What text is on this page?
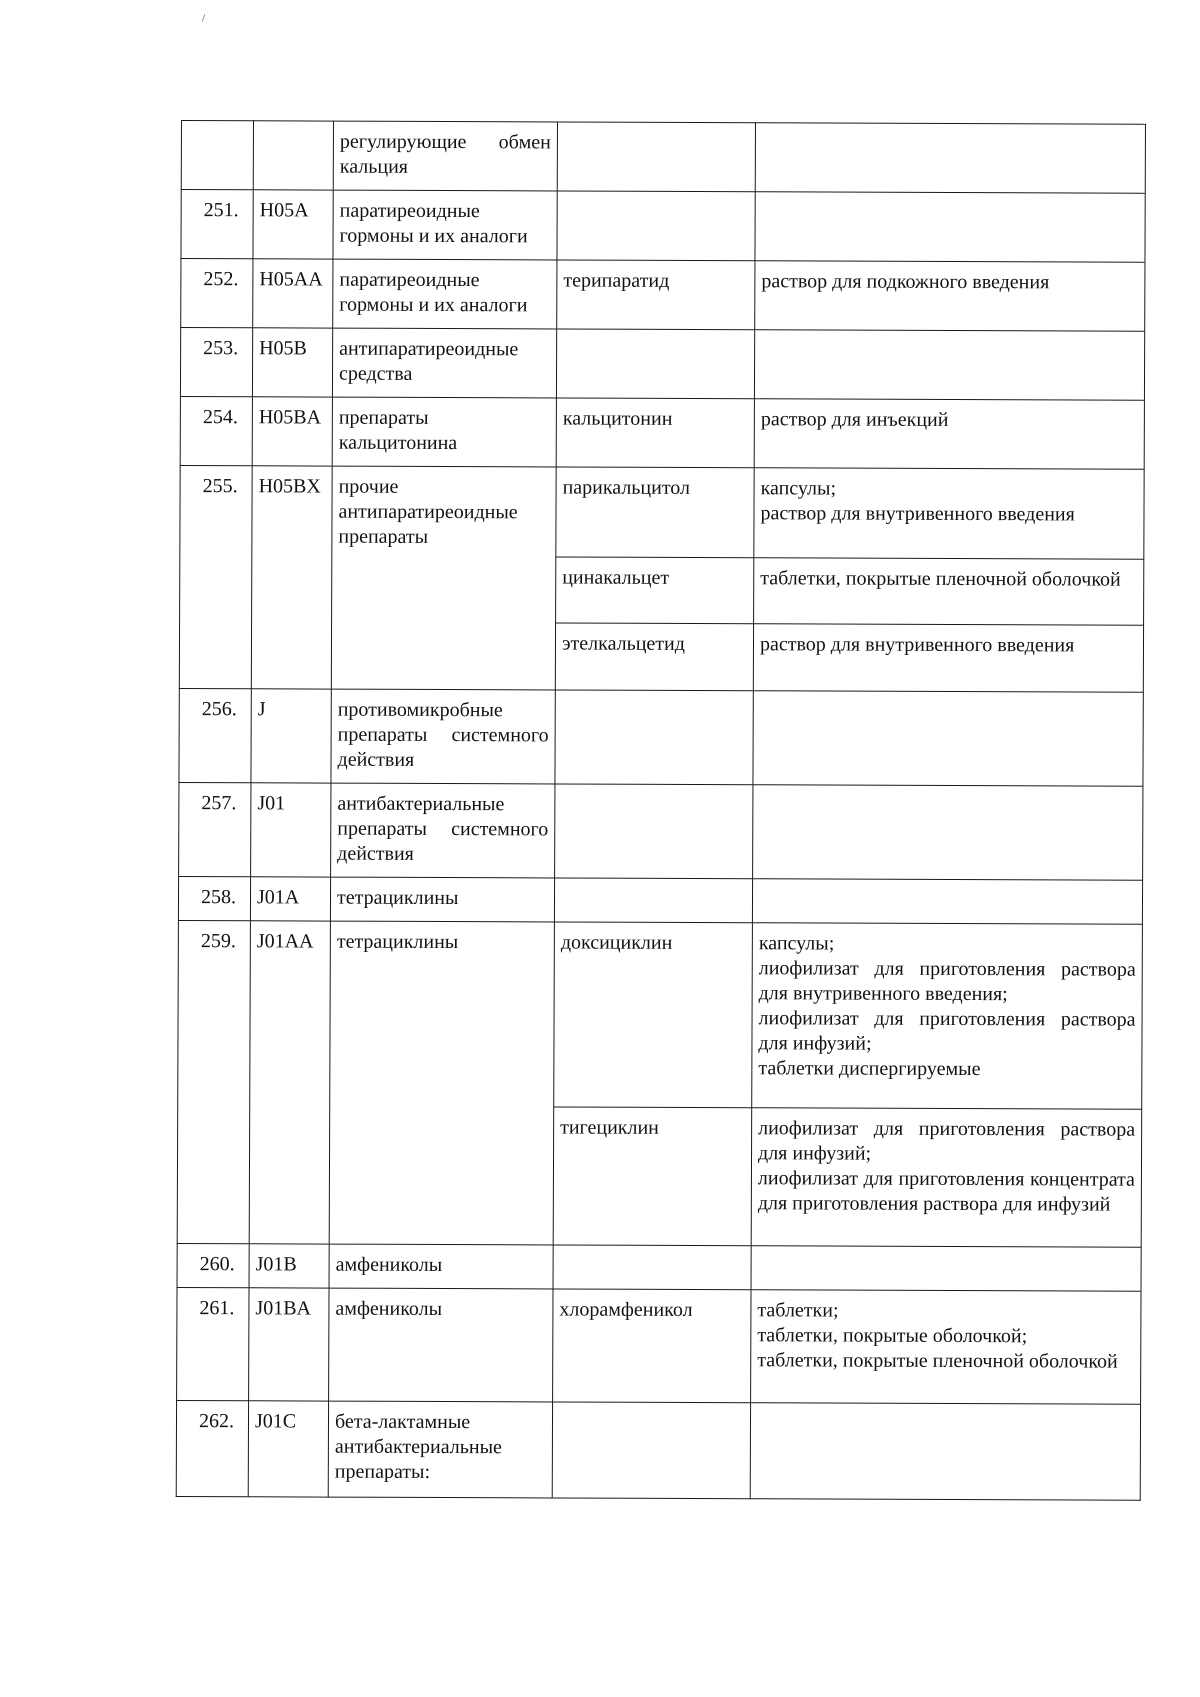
		регулирующие обмен кальция		
251.	H05A	паратиреоидные гормоны и их аналоги		
252.	H05AA	паратиреоидные гормоны и их аналоги	терипаратид	раствор для подкожного введения

253.	H05B	антипаратиреоидные средства		
254.	H05BA	препараты кальцитонина	кальцитонин	раствор для инъекций

255.	H05BX	прочие антипаратиреоидные препараты	парикальцитол	капсулы;
раствор для внутривенного введения

			цинакальцет	таблетки, покрытые пленочной оболочкой

			этелкальцетид	раствор для внутривенного введения

256.	J	противомикробные препараты системного действия		
257.	J01	антибактериальные препараты системного действия		
258.	J01A	тетрациклины		
259.	J01AA	тетрациклины	доксициклин	капсулы;
лиофилизат для приготовления раствора для внутривенного введения;
лиофилизат для приготовления раствора для инфузий;
таблетки диспергируемые

			тигециклин	лиофилизат для приготовления раствора для инфузий;
лиофилизат для приготовления концентрата для приготовления раствора для инфузий

260.	J01B	амфениколы		
261.	J01BA	амфениколы	хлорамфеникол	таблетки;
таблетки, покрытые оболочкой;
таблетки, покрытые пленочной оболочкой

262.	J01C	бета-лактамные антибактериальные препараты:		
